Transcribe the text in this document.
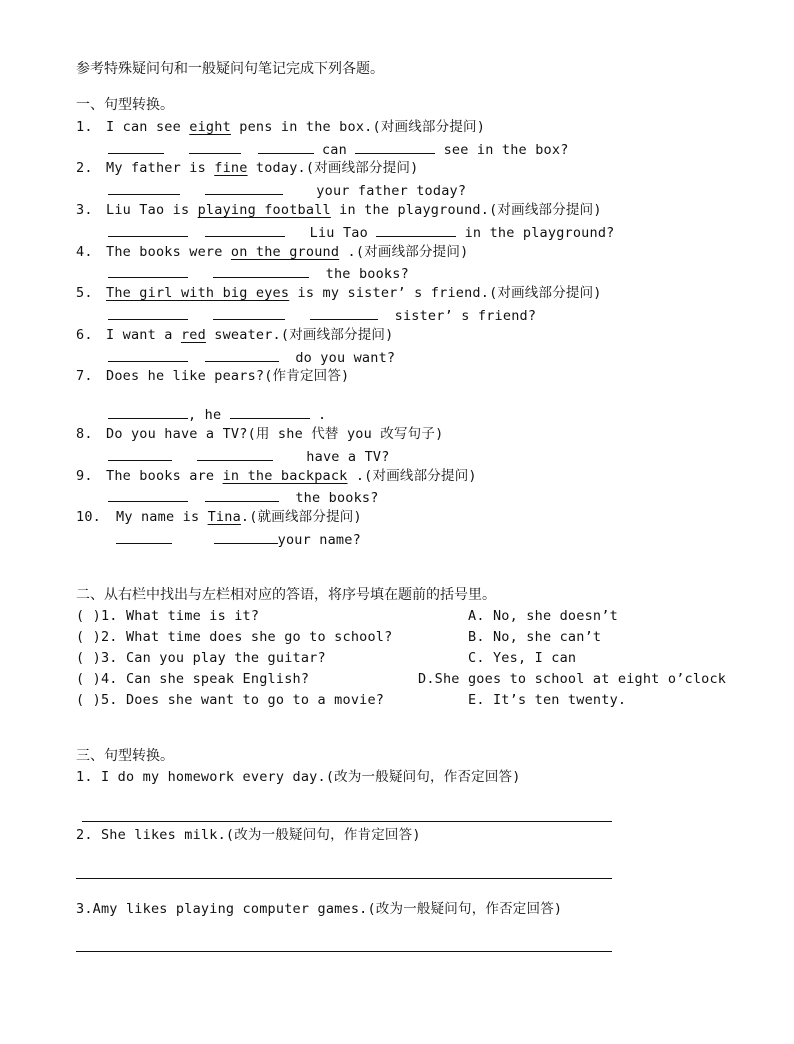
参考特殊疑问句和一般疑问句笔记完成下列各题。
一、句型转换。
1. I can see eight pens in the box.(对画线部分提问)
can	see in the box?
2. My father is fine today.(对画线部分提问)
your father today?
3. Liu Tao is playing football in the playground.(对画线部分提问)
Liu Tao	in the playground?
4. The books were on the ground .(对画线部分提问)
the books?
5. The girl with big eyes is my sister’ s friend.(对画线部分提问)
sister’ s friend?
6. I want a red sweater.(对画线部分提问)
do you want?
7. Does he like pears?(作肯定回答)
, he	.
8. Do you have a TV?(用 she 代替 you 改写句子)
have a TV?
9. The books are in the backpack .(对画线部分提问)
the books?
10. My name is Tina.(就画线部分提问)
your name?
二、从右栏中找出与左栏相对应的答语，将序号填在题前的括号里。
( )1. What time is it?	A. No, she doesn’t
( )2. What time does she go to school?	B. No, she can’t
( )3. Can you play the guitar?	C. Yes, I can
( )4. Can she speak English?	D.She goes to school at eight o’clock
( )5. Does she want to go to a movie?	E. It’s ten twenty.
三、句型转换。
1. I do my homework every day.(改为一般疑问句，作否定回答)
2. She likes milk.(改为一般疑问句，作肯定回答)
3.Amy likes playing computer games.(改为一般疑问句，作否定回答)
